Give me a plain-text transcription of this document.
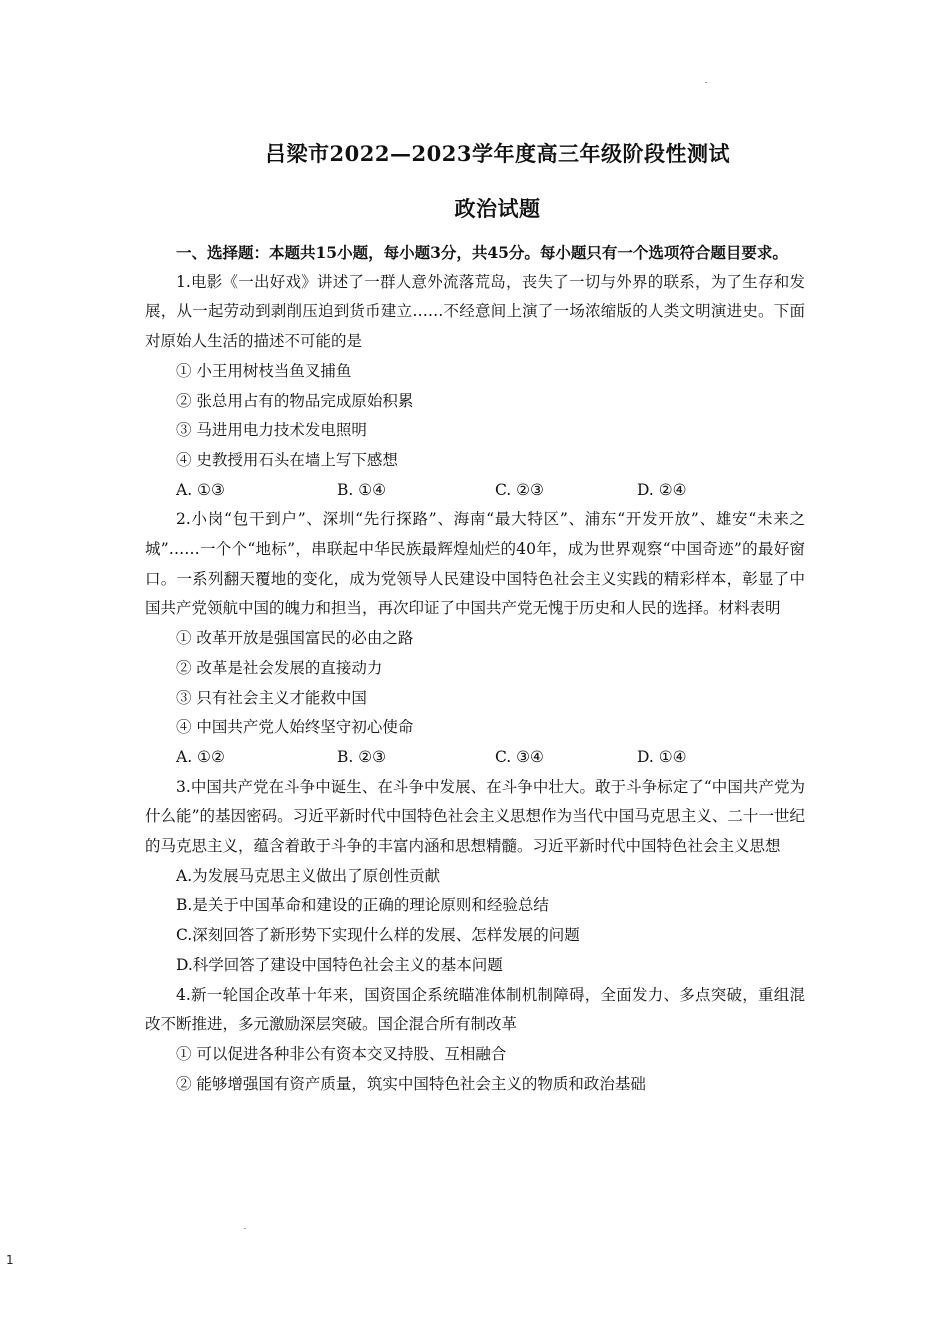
吕梁市2022—2023学年度高三年级阶段性测试
政治试题
一、选择题：本题共15小题，每小题3分，共45分。每小题只有一个选项符合题目要求。
1.电影《一出好戏》讲述了一群人意外流落荒岛，丧失了一切与外界的联系，为了生存和发展，从一起劳动到剥削压迫到货币建立……不经意间上演了一场浓缩版的人类文明演进史。下面对原始人生活的描述不可能的是
① 小王用树枝当鱼叉捕鱼
② 张总用占有的物品完成原始积累
③ 马进用电力技术发电照明
④ 史教授用石头在墙上写下感想
A. ①③	B. ①④	C. ②③	D. ②④
2.小岗“包干到户”、深圳“先行探路”、海南“最大特区”、浦东“开发开放”、雄安“未来之城”……一个个“地标”，串联起中华民族最辉煌灿烂的40年，成为世界观察“中国奇迹”的最好窗口。一系列翻天覆地的变化，成为党领导人民建设中国特色社会主义实践的精彩样本，彰显了中国共产党领航中国的魄力和担当，再次印证了中国共产党无愧于历史和人民的选择。材料表明
① 改革开放是强国富民的必由之路
② 改革是社会发展的直接动力
③ 只有社会主义才能救中国
④ 中国共产党人始终坚守初心使命
A. ①②	B. ②③	C. ③④	D. ①④
3.中国共产党在斗争中诞生、在斗争中发展、在斗争中壮大。敢于斗争标定了“中国共产党为什么能”的基因密码。习近平新时代中国特色社会主义思想作为当代中国马克思主义、二十一世纪的马克思主义，蕴含着敢于斗争的丰富内涵和思想精髓。习近平新时代中国特色社会主义思想
A.为发展马克思主义做出了原创性贡献
B.是关于中国革命和建设的正确的理论原则和经验总结
C.深刻回答了新形势下实现什么样的发展、怎样发展的问题
D.科学回答了建设中国特色社会主义的基本问题
4.新一轮国企改革十年来，国资国企系统瞄准体制机制障碍，全面发力、多点突破，重组混改不断推进，多元激励深层突破。国企混合所有制改革
① 可以促进各种非公有资本交叉持股、互相融合
② 能够增强国有资产质量，筑实中国特色社会主义的物质和政治基础
1
